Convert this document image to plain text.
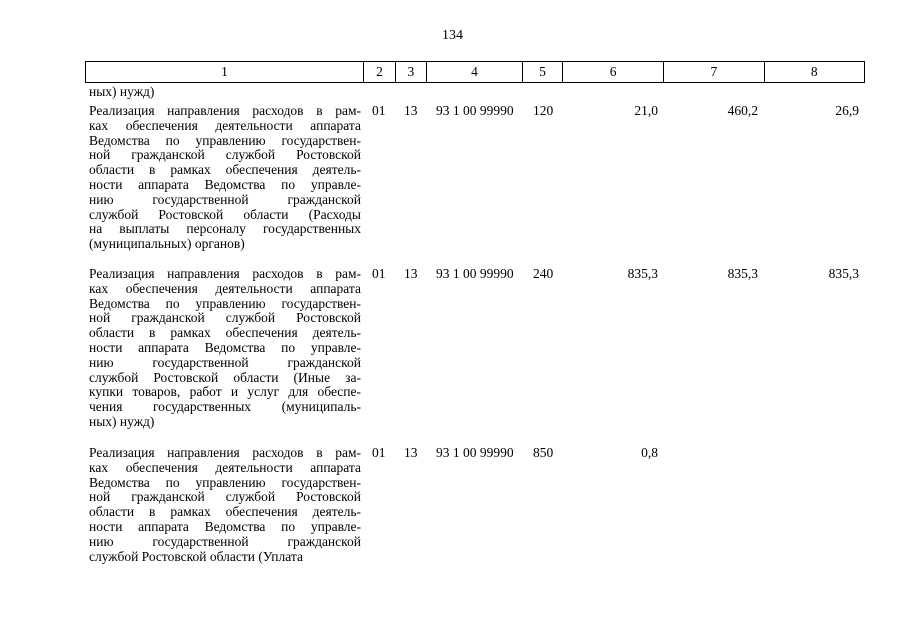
134
1	2	3	4	5	6	7	8
ных) нужд)
Реализация направления расходов в рам-
ках обеспечения деятельности аппарата
Ведомства по управлению государствен-
ной гражданской службой Ростовской
области в рамках обеспечения деятель-
ности аппарата Ведомства по управле-
нию государственной гражданской
службой Ростовской области (Расходы
на выплаты персоналу государственных
(муниципальных) органов)
01	13	93 1 00 99990	120	21,0	460,2	26,9
Реализация направления расходов в рам-
ках обеспечения деятельности аппарата
Ведомства по управлению государствен-
ной гражданской службой Ростовской
области в рамках обеспечения деятель-
ности аппарата Ведомства по управле-
нию государственной гражданской
службой Ростовской области (Иные за-
купки товаров, работ и услуг для обеспе-
чения государственных (муниципаль-
ных) нужд)
01	13	93 1 00 99990	240	835,3	835,3	835,3
Реализация направления расходов в рам-
ках обеспечения деятельности аппарата
Ведомства по управлению государствен-
ной гражданской службой Ростовской
области в рамках обеспечения деятель-
ности аппарата Ведомства по управле-
нию государственной гражданской
службой Ростовской области (Уплата
01	13	93 1 00 99990	850	0,8
